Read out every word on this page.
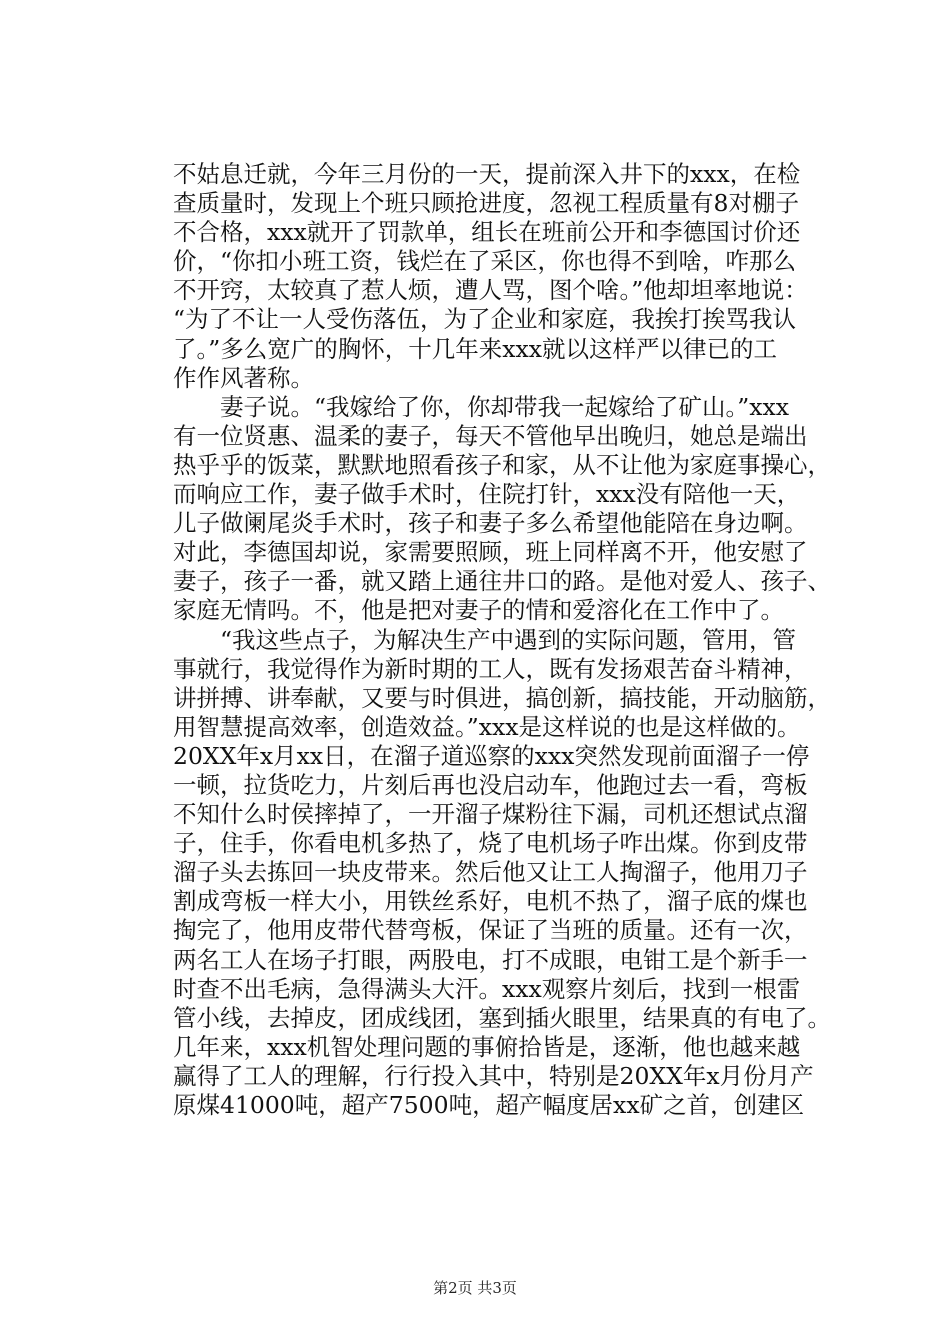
不姑息迁就，今年三月份的一天，提前深入井下的xxx，在检
查质量时，发现上个班只顾抢进度，忽视工程质量有8对棚子
不合格，xxx就开了罚款单，组长在班前公开和李德国讨价还
价，“你扣小班工资，钱烂在了采区，你也得不到啥，咋那么
不开窍，太较真了惹人烦，遭人骂，图个啥。”他却坦率地说：
“为了不让一人受伤落伍，为了企业和家庭，我挨打挨骂我认
了。”多么宽广的胸怀，十几年来xxx就以这样严以律已的工
作作风著称。
　　妻子说。“我嫁给了你，你却带我一起嫁给了矿山。”xxx
有一位贤惠、温柔的妻子，每天不管他早出晚归，她总是端出
热乎乎的饭菜，默默地照看孩子和家，从不让他为家庭事操心，
而响应工作，妻子做手术时，住院打针，xxx没有陪他一天，
儿子做阑尾炎手术时，孩子和妻子多么希望他能陪在身边啊。
对此，李德国却说，家需要照顾，班上同样离不开，他安慰了
妻子，孩子一番，就又踏上通往井口的路。是他对爱人、孩子、
家庭无情吗。不，他是把对妻子的情和爱溶化在工作中了。
　　“我这些点子，为解决生产中遇到的实际问题，管用，管
事就行，我觉得作为新时期的工人，既有发扬艰苦奋斗精神，
讲拼搏、讲奉献，又要与时俱进，搞创新，搞技能，开动脑筋，
用智慧提高效率，创造效益。”xxx是这样说的也是这样做的。
20XX年x月xx日，在溜子道巡察的xxx突然发现前面溜子一停
一顿，拉货吃力，片刻后再也没启动车，他跑过去一看，弯板
不知什么时侯摔掉了，一开溜子煤粉往下漏，司机还想试点溜
子，住手，你看电机多热了，烧了电机场子咋出煤。你到皮带
溜子头去拣回一块皮带来。然后他又让工人掏溜子，他用刀子
割成弯板一样大小，用铁丝系好，电机不热了，溜子底的煤也
掏完了，他用皮带代替弯板，保证了当班的质量。还有一次，
两名工人在场子打眼，两股电，打不成眼，电钳工是个新手一
时查不出毛病，急得满头大汗。xxx观察片刻后，找到一根雷
管小线，去掉皮，团成线团，塞到插火眼里，结果真的有电了。
几年来，xxx机智处理问题的事俯拾皆是，逐渐，他也越来越
赢得了工人的理解，行行投入其中，特别是20XX年x月份月产
原煤41000吨，超产7500吨，超产幅度居xx矿之首，创建区
第2页 共3页
